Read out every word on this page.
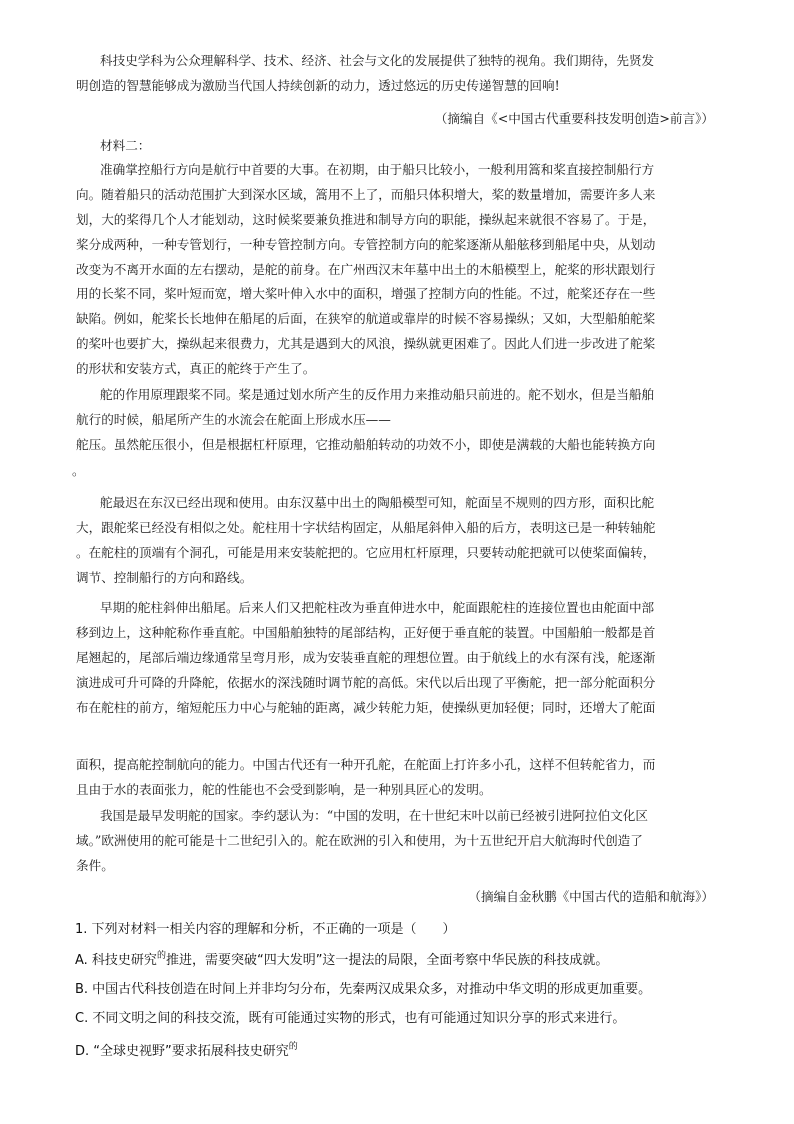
科技史学科为公众理解科学、技术、经济、社会与文化的发展提供了独特的视角。我们期待，先贤发
明创造的智慧能够成为激励当代国人持续创新的动力，透过悠远的历史传递智慧的回响!
（摘编自《<中国古代重要科技发明创造>前言》）
材料二：
准确掌控船行方向是航行中首要的大事。在初期，由于船只比较小，一般利用篙和桨直接控制船行方
向。随着船只的活动范围扩大到深水区域，篙用不上了，而船只体积增大，桨的数量增加，需要许多人来
划，大的桨得几个人才能划动，这时候桨要兼负推进和制导方向的职能，操纵起来就很不容易了。于是，
桨分成两种，一种专管划行，一种专管控制方向。专管控制方向的舵桨逐渐从船舷移到船尾中央，从划动
改变为不离开水面的左右摆动，是舵的前身。在广州西汉末年墓中出土的木船模型上，舵桨的形状跟划行
用的长桨不同，桨叶短而宽，增大桨叶伸入水中的面积，增强了控制方向的性能。不过，舵桨还存在一些
缺陷。例如，舵桨长长地伸在船尾的后面，在狭窄的航道或靠岸的时候不容易操纵；又如，大型船舶舵桨
的桨叶也要扩大，操纵起来很费力，尤其是遇到大的风浪，操纵就更困难了。因此人们进一步改进了舵桨
的形状和安装方式，真正的舵终于产生了。
舵的作用原理跟桨不同。桨是通过划水所产生的反作用力来推动船只前进的。舵不划水，但是当船舶
航行的时候，船尾所产生的水流会在舵面上形成水压——
舵压。虽然舵压很小，但是根据杠杆原理，它推动船舶转动的功效不小，即使是满载的大船也能转换方向
。
舵最迟在东汉已经出现和使用。由东汉墓中出土的陶船模型可知，舵面呈不规则的四方形，面积比舵
大，跟舵桨已经没有相似之处。舵柱用十字状结构固定，从船尾斜伸入船的后方，表明这已是一种转轴舵
。在舵柱的顶端有个洞孔，可能是用来安装舵把的。它应用杠杆原理，只要转动舵把就可以使桨面偏转，
调节、控制船行的方向和路线。
早期的舵柱斜伸出船尾。后来人们又把舵柱改为垂直伸进水中，舵面跟舵柱的连接位置也由舵面中部
移到边上，这种舵称作垂直舵。中国船舶独特的尾部结构，正好便于垂直舵的装置。中国船舶一般都是首
尾翘起的，尾部后端边缘通常呈弯月形，成为安装垂直舵的理想位置。由于航线上的水有深有浅，舵逐渐
演进成可升可降的升降舵，依据水的深浅随时调节舵的高低。宋代以后出现了平衡舵，把一部分舵面积分
布在舵柱的前方，缩短舵压力中心与舵轴的距离，减少转舵力矩，使操纵更加轻便；同时，还增大了舵面
面积，提高舵控制航向的能力。中国古代还有一种开孔舵，在舵面上打许多小孔，这样不但转舵省力，而
且由于水的表面张力，舵的性能也不会受到影响，是一种别具匠心的发明。
我国是最早发明舵的国家。李约瑟认为：“中国的发明，在十世纪末叶以前已经被引进阿拉伯文化区
域。”欧洲使用的舵可能是十二世纪引入的。舵在欧洲的引入和使用，为十五世纪开启大航海时代创造了
条件。
（摘编自金秋鹏《中国古代的造船和航海》）
1. 下列对材料一相关内容的理解和分析，不正确的一项是（　　）
A. 科技史研究$^的$推进，需要突破“四大发明”这一提法的局限，全面考察中华民族的科技成就。
B. 中国古代科技创造在时间上并非均匀分布，先秦两汉成果众多，对推动中华文明的形成更加重要。
C. 不同文明之间的科技交流，既有可能通过实物的形式，也有可能通过知识分享的形式来进行。
D. “全球史视野”要求拓展科技史研究$^的$
